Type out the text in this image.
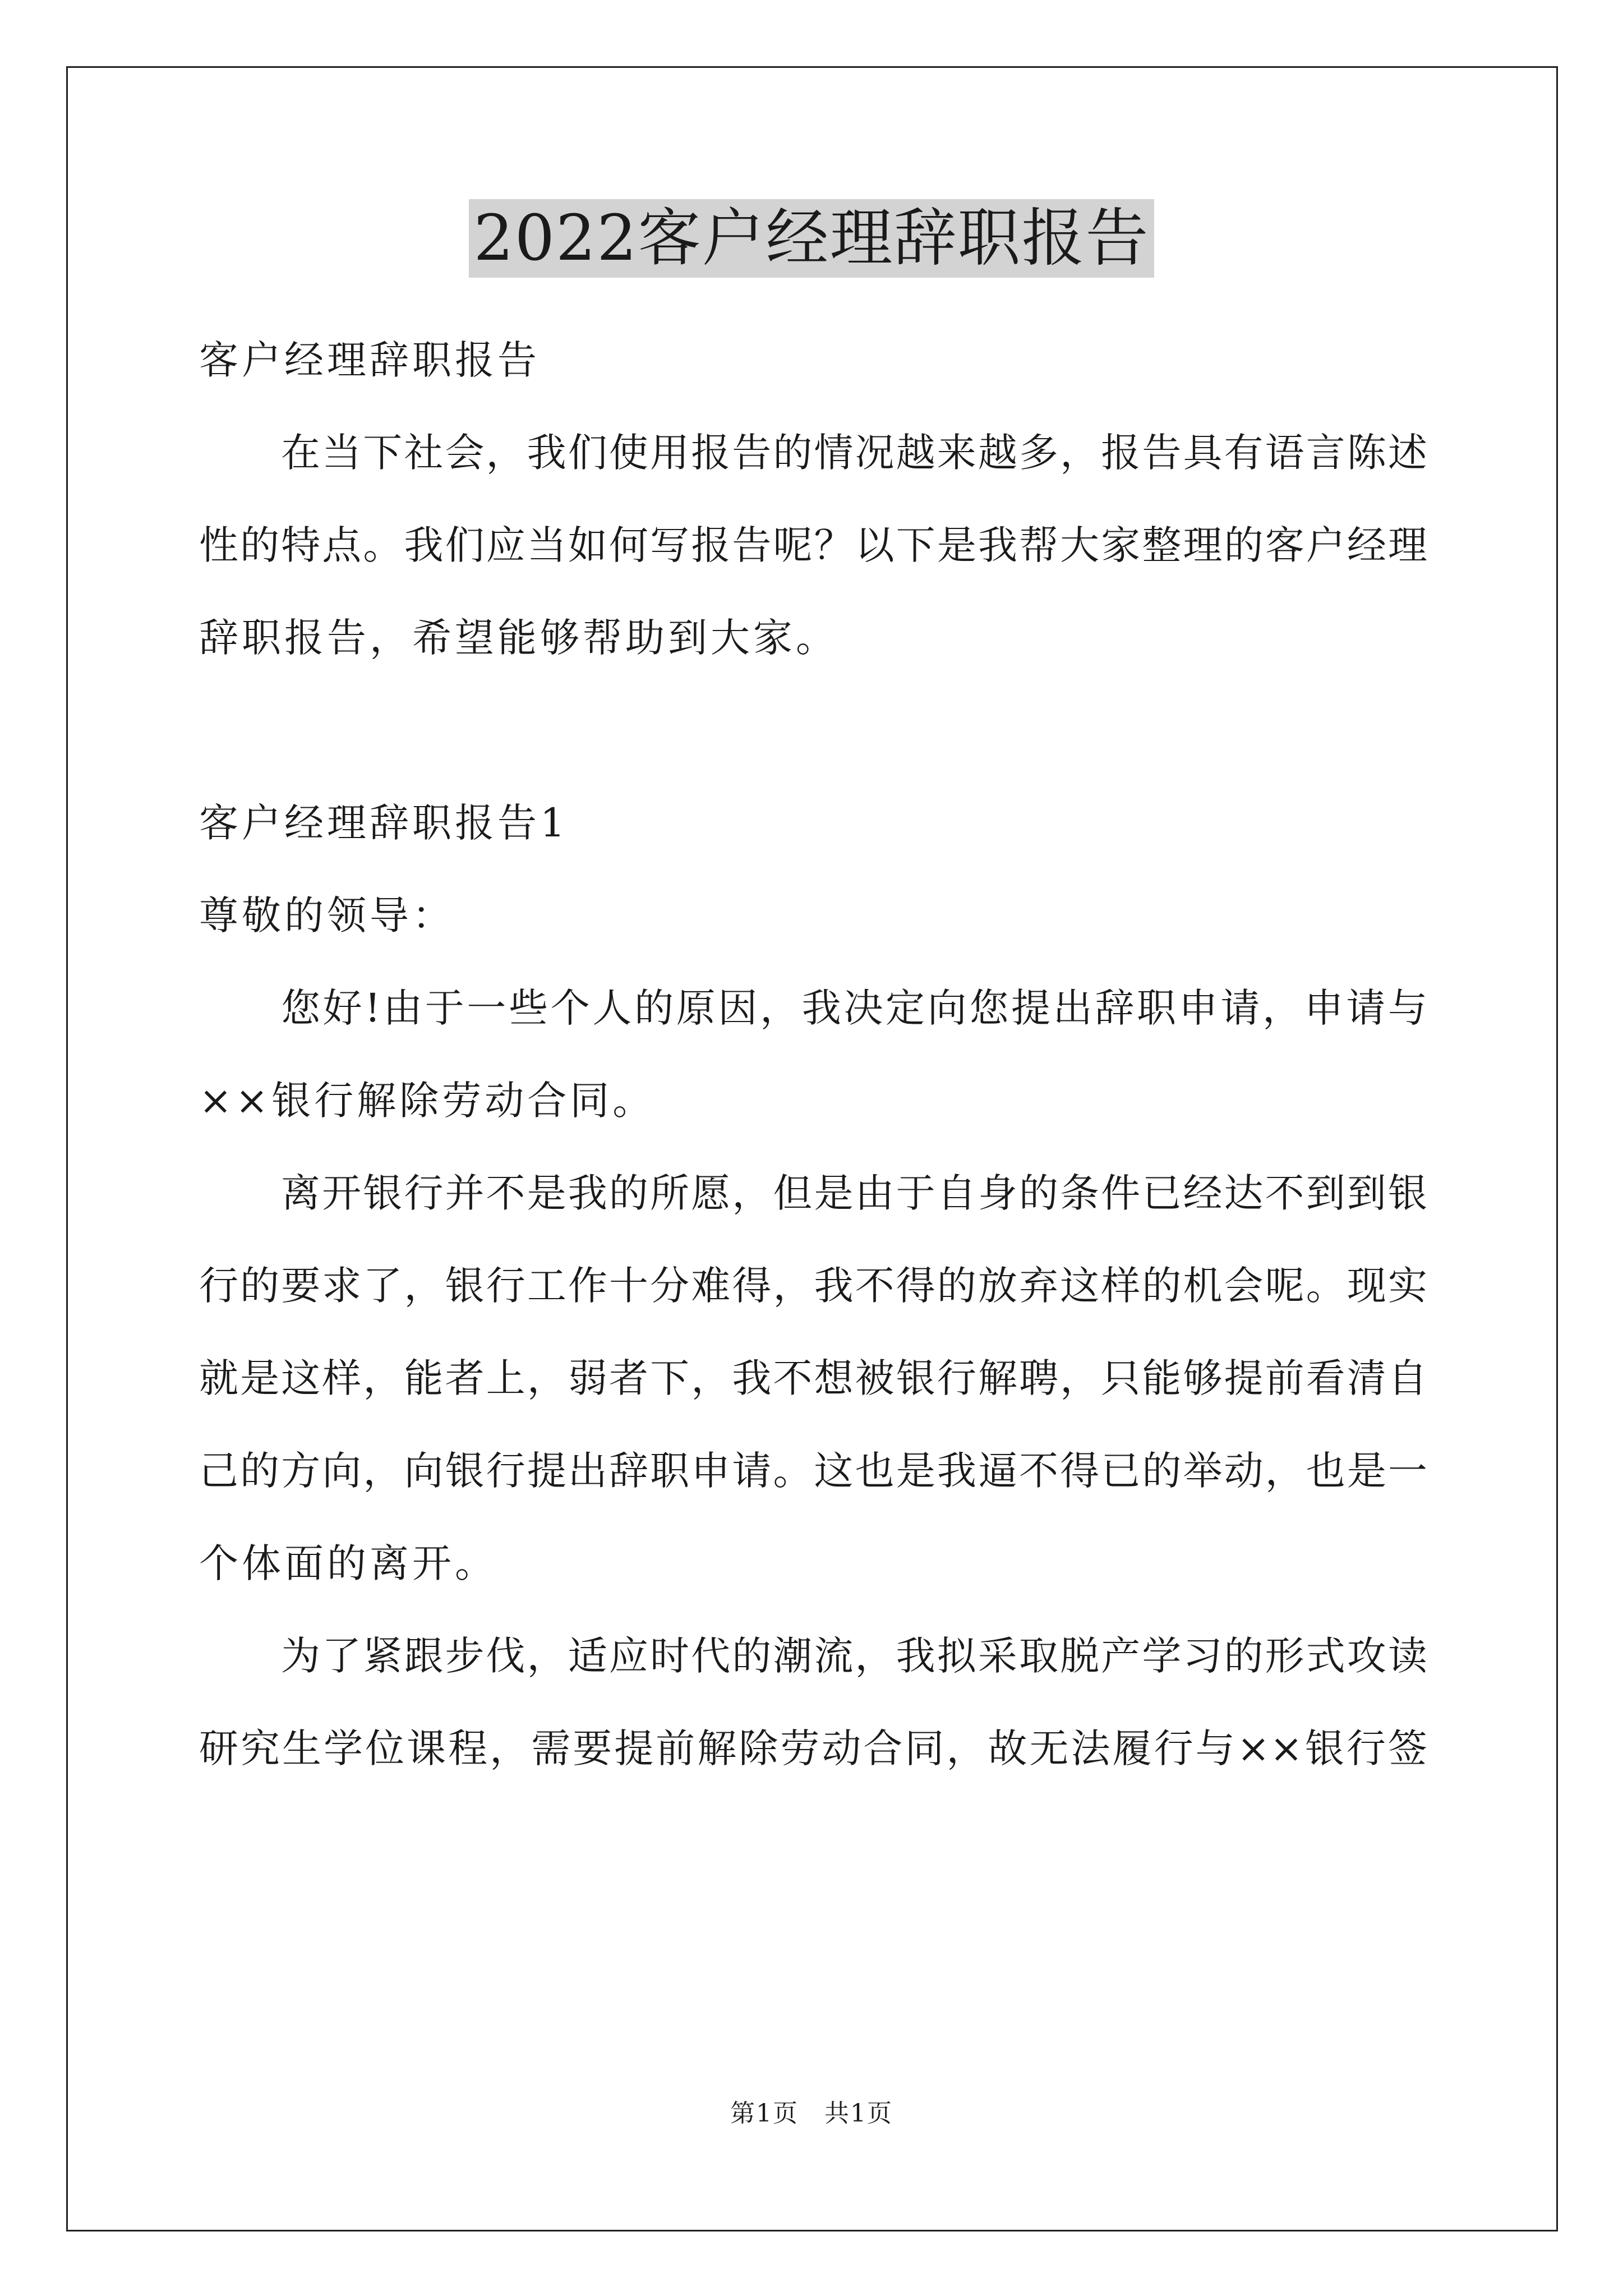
2022客户经理辞职报告
客户经理辞职报告
在当下社会，我们使用报告的情况越来越多，报告具有语言陈述
性的特点。我们应当如何写报告呢？以下是我帮大家整理的客户经理
辞职报告，希望能够帮助到大家。
客户经理辞职报告1
尊敬的领导：
您好!由于一些个人的原因，我决定向您提出辞职申请，申请与
××银行解除劳动合同。
离开银行并不是我的所愿，但是由于自身的条件已经达不到到银
行的要求了，银行工作十分难得，我不得的放弃这样的机会呢。现实
就是这样，能者上，弱者下，我不想被银行解聘，只能够提前看清自
己的方向，向银行提出辞职申请。这也是我逼不得已的举动，也是一
个体面的离开。
为了紧跟步伐，适应时代的潮流，我拟采取脱产学习的形式攻读
研究生学位课程，需要提前解除劳动合同，故无法履行与××银行签
第1页　共1页
